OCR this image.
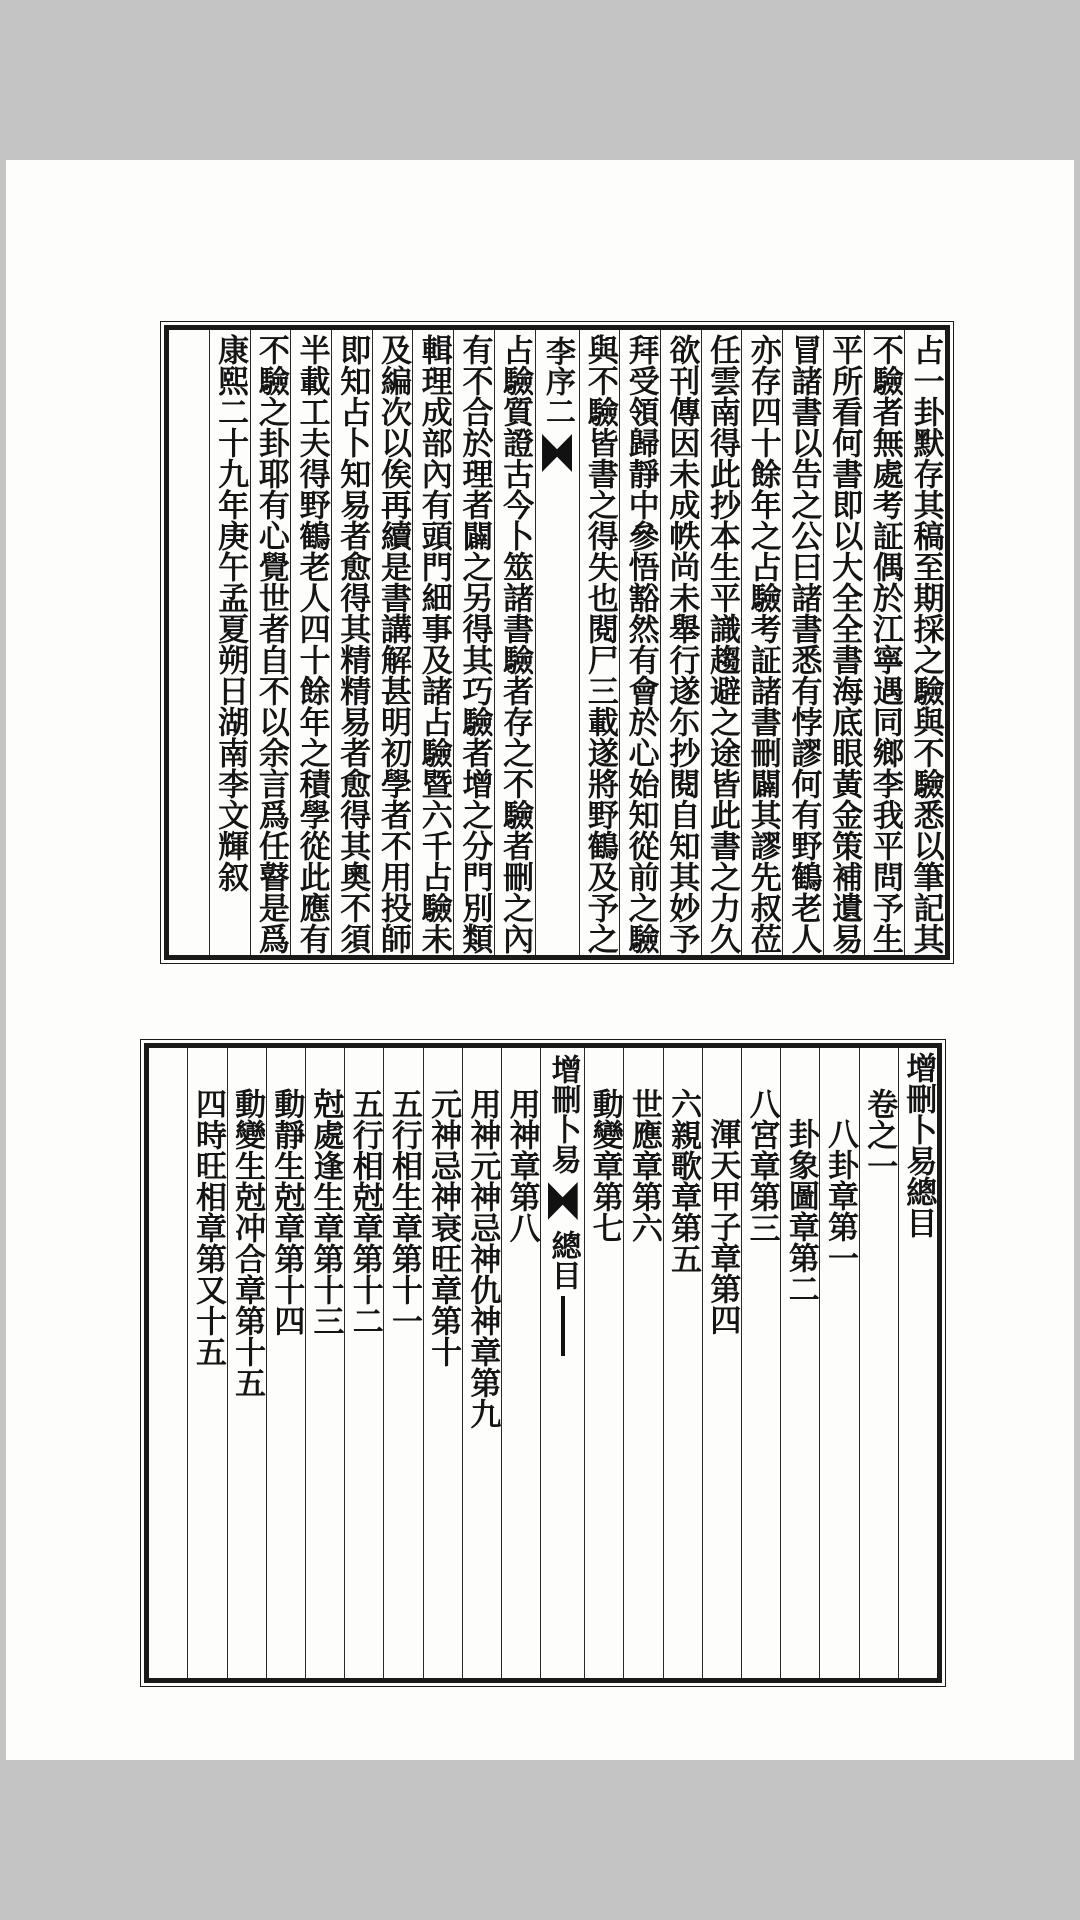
占一卦默存其稿至期採之驗與不驗悉以筆記其
不驗者無處考証偶於江寧遇同鄉李我平問予生
平所看何書即以大全全書海底眼黃金策補遺易
冒諸書以告之公曰諸書悉有悖謬何有野鶴老人
亦存四十餘年之占驗考証諸書刪闢其謬先叔莅
任雲南得此抄本生平識趨避之途皆此書之力久
欲刊傳因未成帙尚未舉行遂尓抄閱自知其妙予
拜受領歸靜中參悟豁然有會於心始知從前之驗
與不驗皆書之得失也閱尸三載遂將野鶴及予之
李序
二
占驗質證古今卜筮諸書驗者存之不驗者刪之內
有不合於理者闢之另得其巧驗者增之分門別類
輯理成部內有頭門細事及諸占驗暨六千占驗未
及編次以俟再續是書講解甚明初學者不用投師
即知占卜知易者愈得其精精易者愈得其奧不須
半載工夫得野鶴老人四十餘年之積學從此應有
不驗之卦耶有心覺世者自不以余言爲任瞽是爲
康熙二十九年庚午孟夏朔日湖南李文輝叙
增刪卜易總目
卷之一
八卦章第一
卦象圖章第二
八宮章第三
渾天甲子章第四
六親歌章第五
世應章第六
動變章第七
增刪卜易
總目
用神章第八
用神元神忌神仇神章第九
元神忌神衰旺章第十
五行相生章第十一
五行相尅章第十二
尅處逢生章第十三
動靜生尅章第十四
動變生尅冲合章第十五
四時旺相章第又十五
